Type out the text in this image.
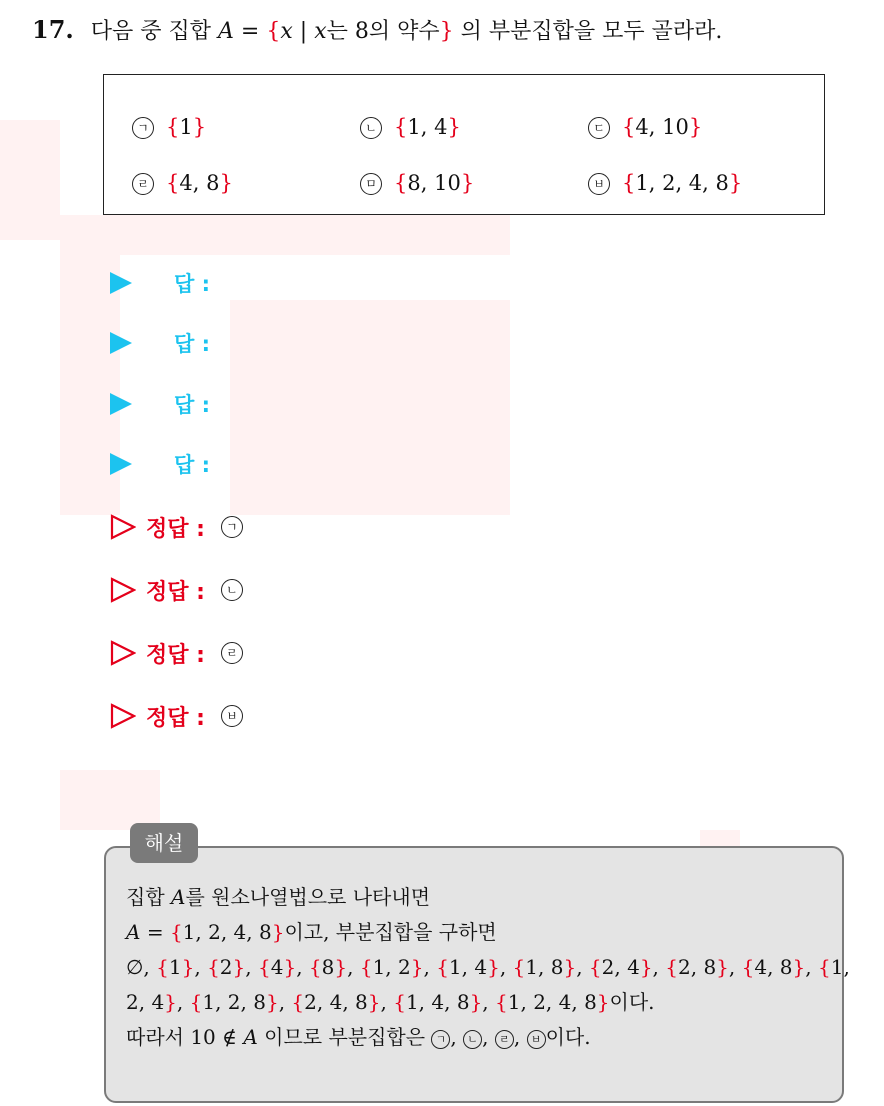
17. 다음 중 집합 A = {x | x는 8의 약수} 의 부분집합을 모두 골라라.
ㄱ {1}	ㄴ {1, 4}	ㄷ {4, 10}
ㄹ {4, 8}	ㅁ {8, 10}	ㅂ {1, 2, 4, 8}
답 :
답 :
답 :
답 :
정답 :	ㄱ
정답 :	ㄴ
정답 :	ㄹ
정답 :	ㅂ
해설
집합 A를 원소나열법으로 나타내면
A = {1, 2, 4, 8}이고, 부분집합을 구하면
∅, {1}, {2}, {4}, {8}, {1, 2}, {1, 4}, {1, 8}, {2, 4}, {2, 8}, {4, 8}, {1,
2, 4}, {1, 2, 8}, {2, 4, 8}, {1, 4, 8}, {1, 2, 4, 8}이다.
따라서 10 ∉ A 이므로 부분집합은 ㄱ , ㄴ , ㄹ , ㅂ 이다.
